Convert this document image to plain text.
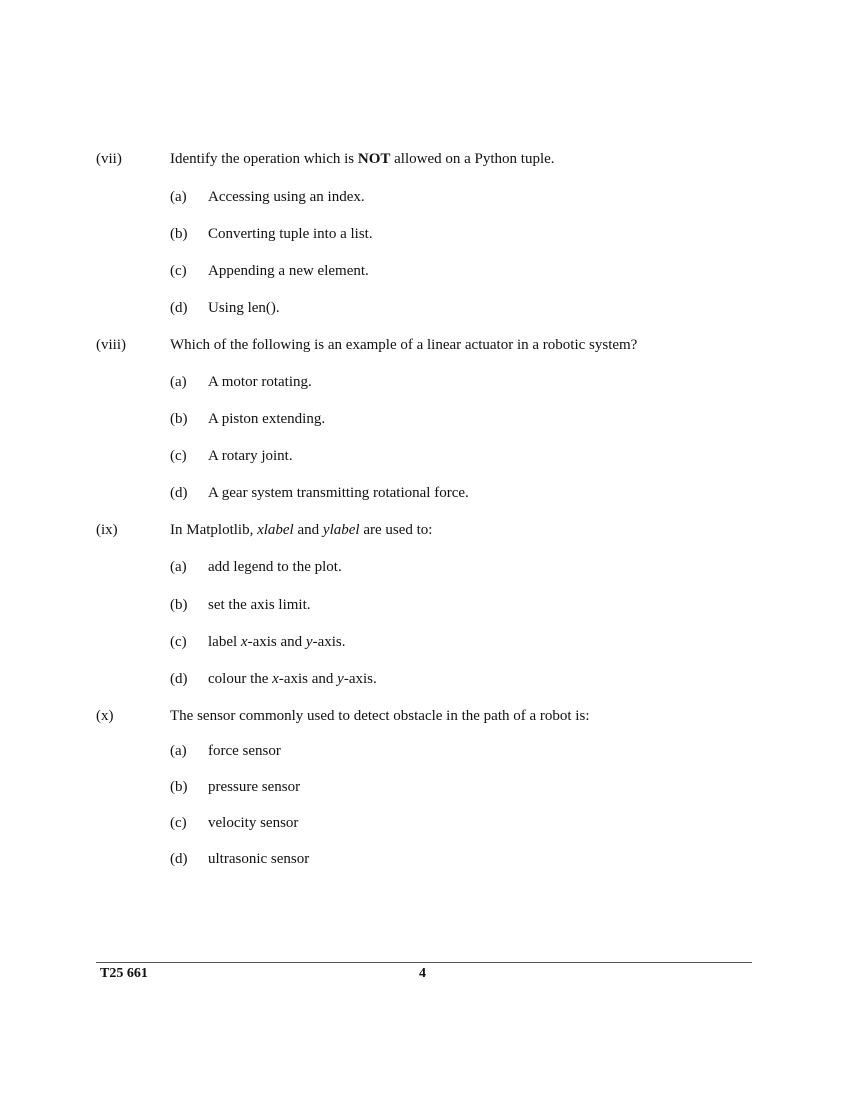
(vii)	Identify the operation which is NOT allowed on a Python tuple.
(a) Accessing using an index.
(b) Converting tuple into a list.
(c) Appending a new element.
(d) Using len().
(viii)	Which of the following is an example of a linear actuator in a robotic system?
(a) A motor rotating.
(b) A piston extending.
(c) A rotary joint.
(d) A gear system transmitting rotational force.
(ix)	In Matplotlib, xlabel and ylabel are used to:
(a) add legend to the plot.
(b) set the axis limit.
(c) label x-axis and y-axis.
(d) colour the x-axis and y-axis.
(x)	The sensor commonly used to detect obstacle in the path of a robot is:
(a) force sensor
(b) pressure sensor
(c) velocity sensor
(d) ultrasonic sensor
T25 661	4
